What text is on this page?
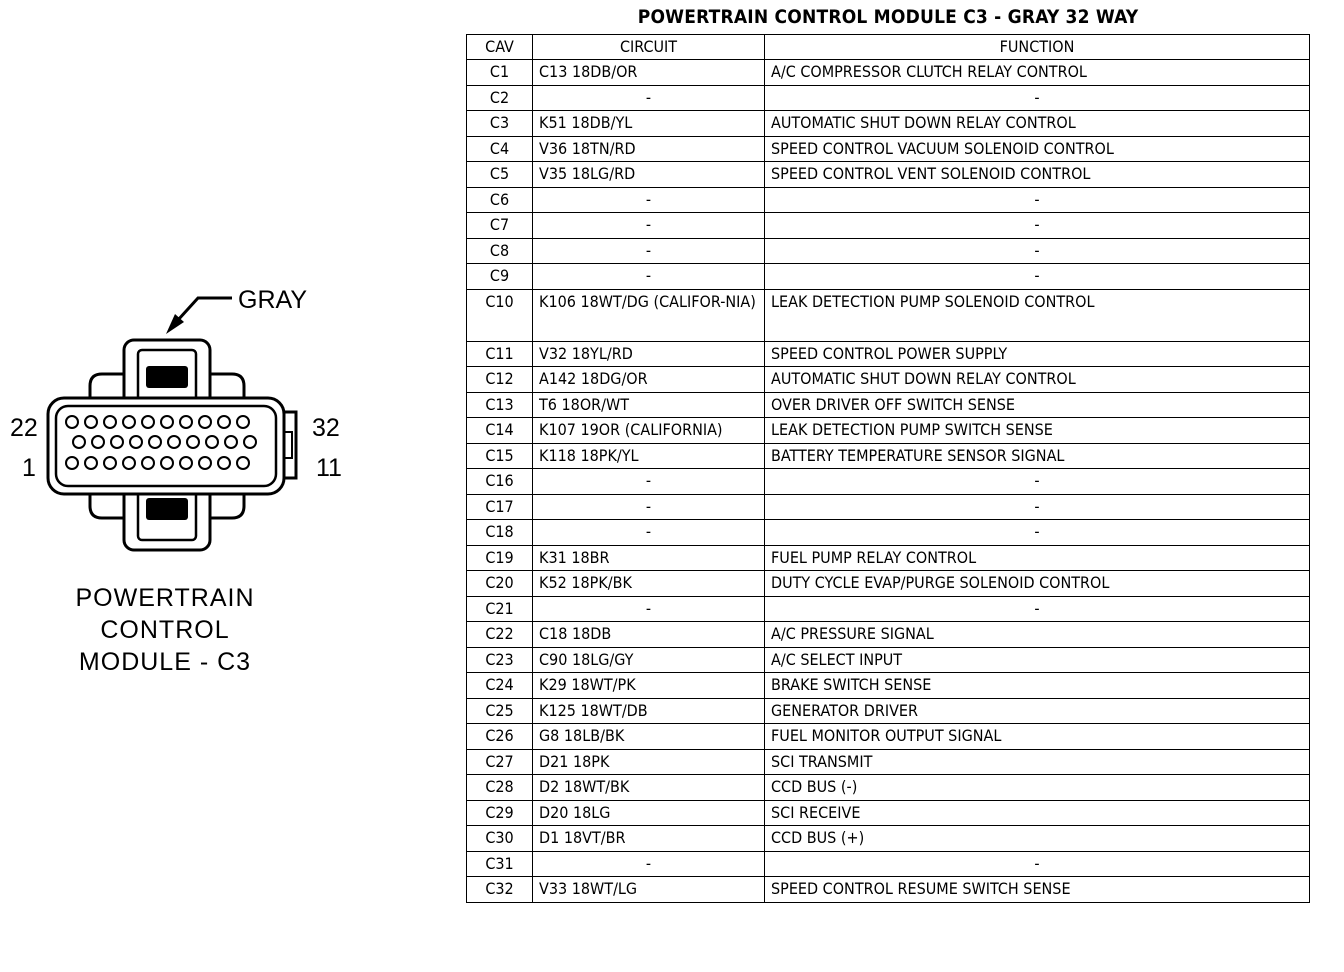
GRAY
22
1
32
11
POWERTRAIN
CONTROL
MODULE - C3
POWERTRAIN CONTROL MODULE C3 - GRAY 32 WAY
CAV	CIRCUIT	FUNCTION
C1	C13 18DB/OR	A/C COMPRESSOR CLUTCH RELAY CONTROL
C2	-	-
C3	K51 18DB/YL	AUTOMATIC SHUT DOWN RELAY CONTROL
C4	V36 18TN/RD	SPEED CONTROL VACUUM SOLENOID CONTROL
C5	V35 18LG/RD	SPEED CONTROL VENT SOLENOID CONTROL
C6	-	-
C7	-	-
C8	-	-
C9	-	-
C10	K106 18WT/DG (CALIFOR-NIA)	LEAK DETECTION PUMP SOLENOID CONTROL
C11	V32 18YL/RD	SPEED CONTROL POWER SUPPLY
C12	A142 18DG/OR	AUTOMATIC SHUT DOWN RELAY CONTROL
C13	T6 18OR/WT	OVER DRIVER OFF SWITCH SENSE
C14	K107 19OR (CALIFORNIA)	LEAK DETECTION PUMP SWITCH SENSE
C15	K118 18PK/YL	BATTERY TEMPERATURE SENSOR SIGNAL
C16	-	-
C17	-	-
C18	-	-
C19	K31 18BR	FUEL PUMP RELAY CONTROL
C20	K52 18PK/BK	DUTY CYCLE EVAP/PURGE SOLENOID CONTROL
C21	-	-
C22	C18 18DB	A/C PRESSURE SIGNAL
C23	C90 18LG/GY	A/C SELECT INPUT
C24	K29 18WT/PK	BRAKE SWITCH SENSE
C25	K125 18WT/DB	GENERATOR DRIVER
C26	G8 18LB/BK	FUEL MONITOR OUTPUT SIGNAL
C27	D21 18PK	SCI TRANSMIT
C28	D2 18WT/BK	CCD BUS (-)
C29	D20 18LG	SCI RECEIVE
C30	D1 18VT/BR	CCD BUS (+)
C31	-	-
C32	V33 18WT/LG	SPEED CONTROL RESUME SWITCH SENSE
